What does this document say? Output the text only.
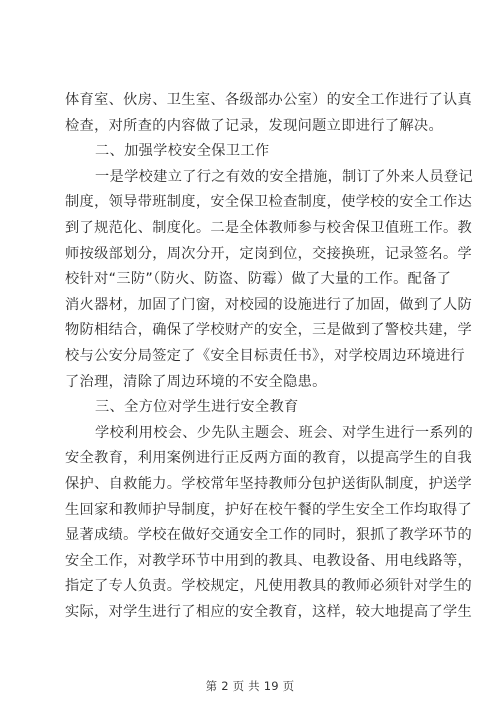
体育室、伙房、卫生室、各级部办公室）的安全工作进行了认真
检查，对所查的内容做了记录，发现问题立即进行了解决。
二、加强学校安全保卫工作
一是学校建立了行之有效的安全措施，制订了外来人员登记
制度，领导带班制度，安全保卫检查制度，使学校的安全工作达
到了规范化、制度化。二是全体教师参与校舍保卫值班工作。教
师按级部划分，周次分开，定岗到位，交接换班，记录签名。学
校针对“三防”（防火、防盗、防霉）做了大量的工作。配备了
消火器材，加固了门窗，对校园的设施进行了加固，做到了人防
物防相结合，确保了学校财产的安全，三是做到了警校共建，学
校与公安分局签定了《安全目标责任书》，对学校周边环境进行
了治理，清除了周边环境的不安全隐患。
三、全方位对学生进行安全教育
学校利用校会、少先队主题会、班会、对学生进行一系列的
安全教育，利用案例进行正反两方面的教育，以提高学生的自我
保护、自救能力。学校常年坚持教师分包护送街队制度，护送学
生回家和教师护导制度，护好在校午餐的学生安全工作均取得了
显著成绩。学校在做好交通安全工作的同时，狠抓了教学环节的
安全工作，对教学环节中用到的教具、电教设备、用电线路等，
指定了专人负责。学校规定，凡使用教具的教师必须针对学生的
实际，对学生进行了相应的安全教育，这样，较大地提高了学生
第 2 页 共 19 页
